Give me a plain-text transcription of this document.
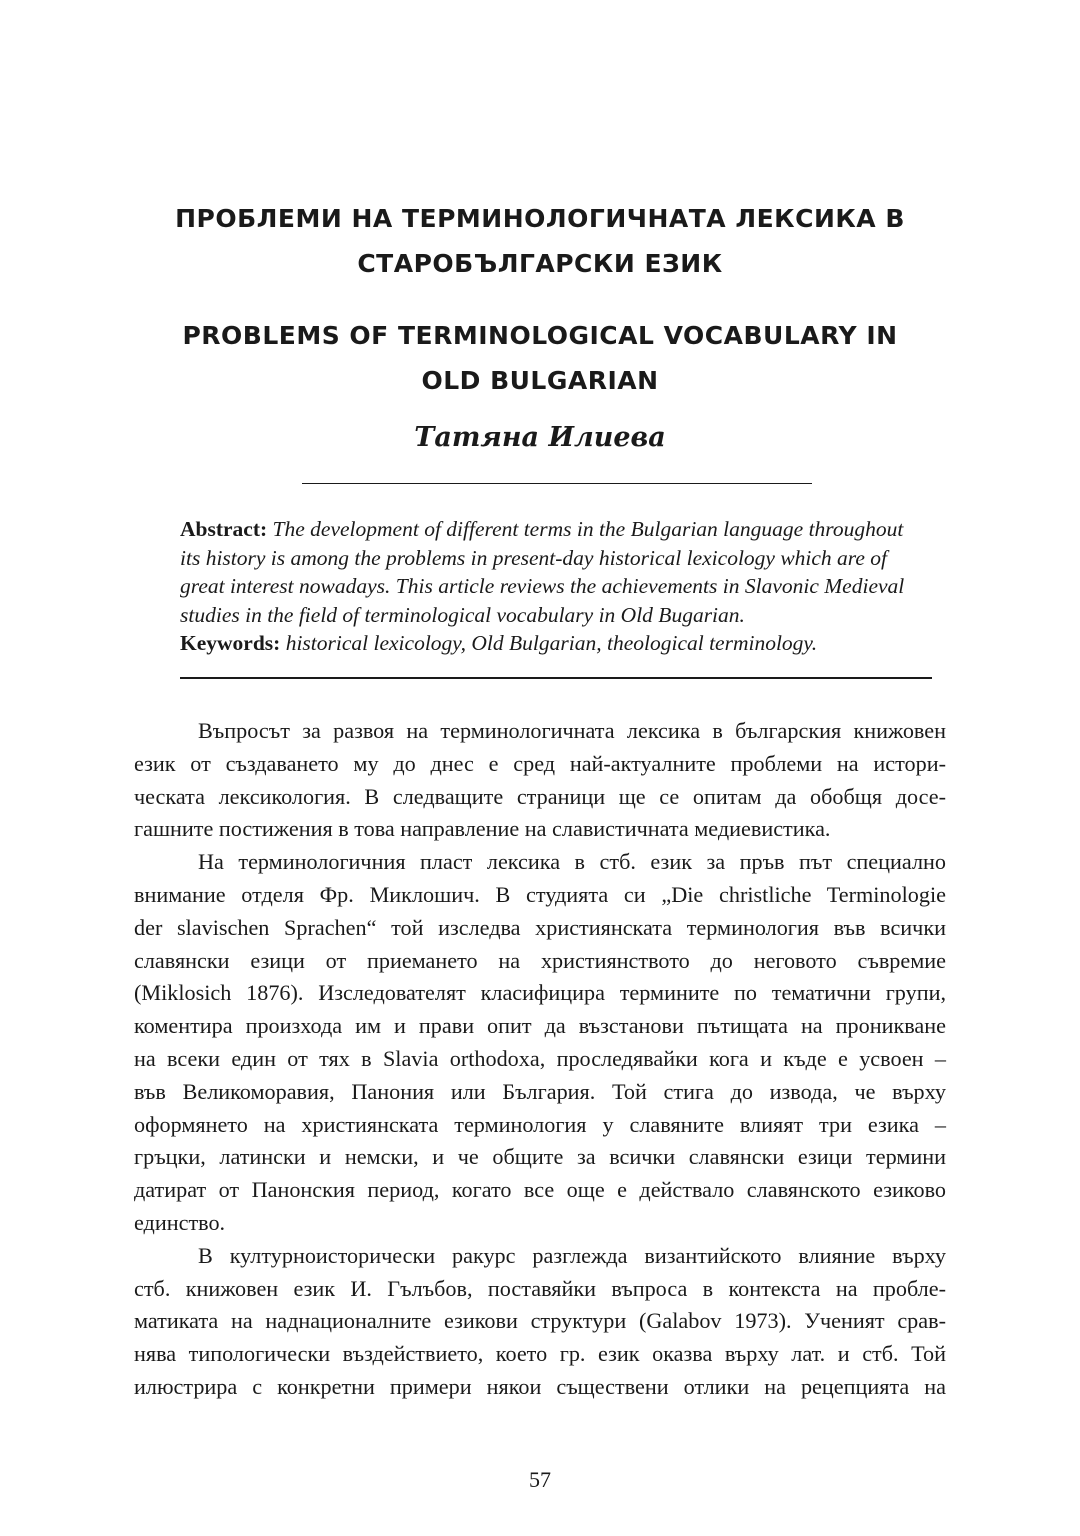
ПРОБЛЕМИ НА ТЕРМИНОЛОГИЧНАТА ЛЕКСИКА В
СТАРОБЪЛГАРСКИ ЕЗИК
PROBLEMS OF TERMINOLOGICAL VOCABULARY IN
OLD BULGARIAN
Татяна Илиева
Abstract: The development of different terms in the Bulgarian language throughout
its history is among the problems in present-day historical lexicology which are of
great interest nowadays. This article reviews the achievements in Slavonic Medieval
studies in the field of terminological vocabulary in Old Bugarian.
Keywords: historical lexicology, Old Bulgarian, theological terminology.
Въпросът за развоя на терминологичната лексика в българския книжовен
език от създаването му до днес е сред най-актуалните проблеми на истори-
ческата лексикология. В следващите страници ще се опитам да обобщя досе-
гашните постижения в това направление на славистичната медиевистика.
На терминологичния пласт лексика в стб. език за пръв път специално
внимание отделя Фр. Миклошич. В студията си „Die christliche Terminologie
der slavischen Sprachen“ той изследва християнската терминология във всички
славянски езици от приемането на християнството до неговото съвремие
(Miklosich 1876). Изследователят класифицира термините по тематични групи,
коментира произхода им и прави опит да възстанови пътищата на проникване
на всеки един от тях в Slavia orthodoxa, проследявайки кога и къде е усвоен –
във Великоморавия, Панония или България. Той стига до извода, че върху
оформянето на християнската терминология у славяните влияят три езика –
гръцки, латински и немски, и че общите за всички славянски езици термини
датират от Панонския период, когато все още е действало славянското езиково
единство.
В културноисторически ракурс разглежда византийското влияние върху
стб. книжовен език И. Гълъбов, поставяйки въпроса в контекста на пробле-
матиката на наднационалните езикови структури (Galabov 1973). Ученият срав-
нява типологически въздействието, което гр. език оказва върху лат. и стб. Той
илюстрира с конкретни примери някои съществени отлики на рецепцията на
57
